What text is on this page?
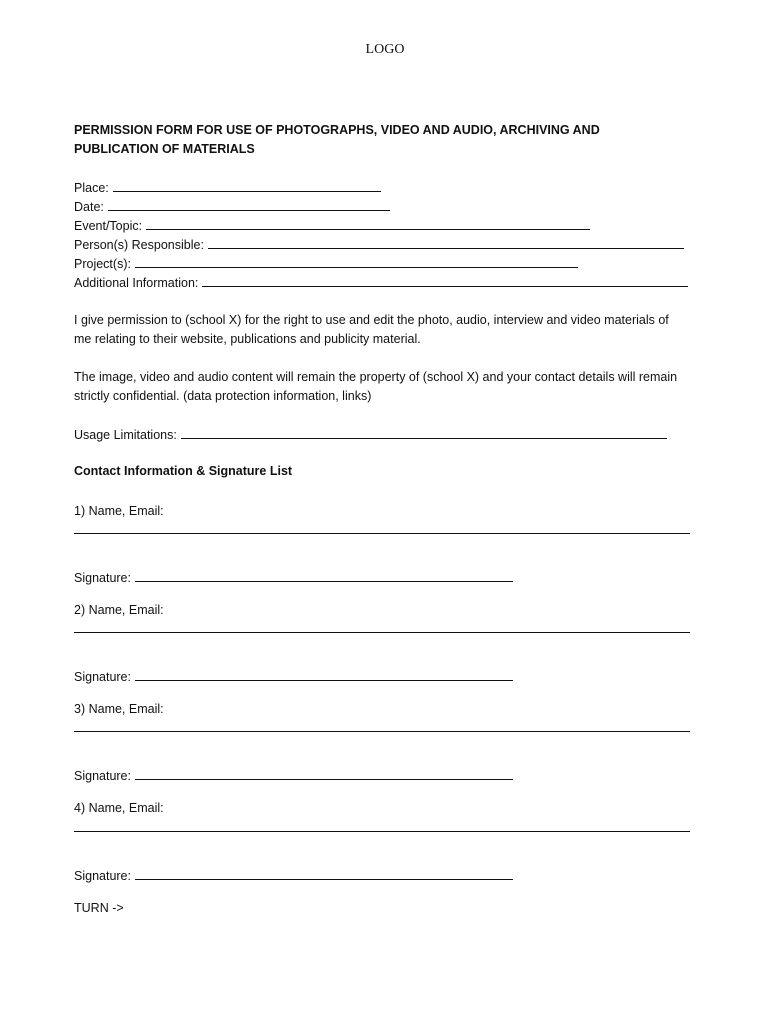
LOGO
PERMISSION FORM FOR USE OF PHOTOGRAPHS, VIDEO AND AUDIO, ARCHIVING AND
PUBLICATION OF MATERIALS
Place:
Date:
Event/Topic:
Person(s) Responsible:
Project(s):
Additional Information:
I give permission to (school X) for the right to use and edit the photo, audio, interview and video materials of
me relating to their website, publications and publicity material.
The image, video and audio content will remain the property of (school X) and your contact details will remain
strictly confidential. (data protection information, links)
Usage Limitations:
Contact Information & Signature List
1) Name, Email:
Signature:
2) Name, Email:
Signature:
3) Name, Email:
Signature:
4) Name, Email:
Signature:
TURN ->
